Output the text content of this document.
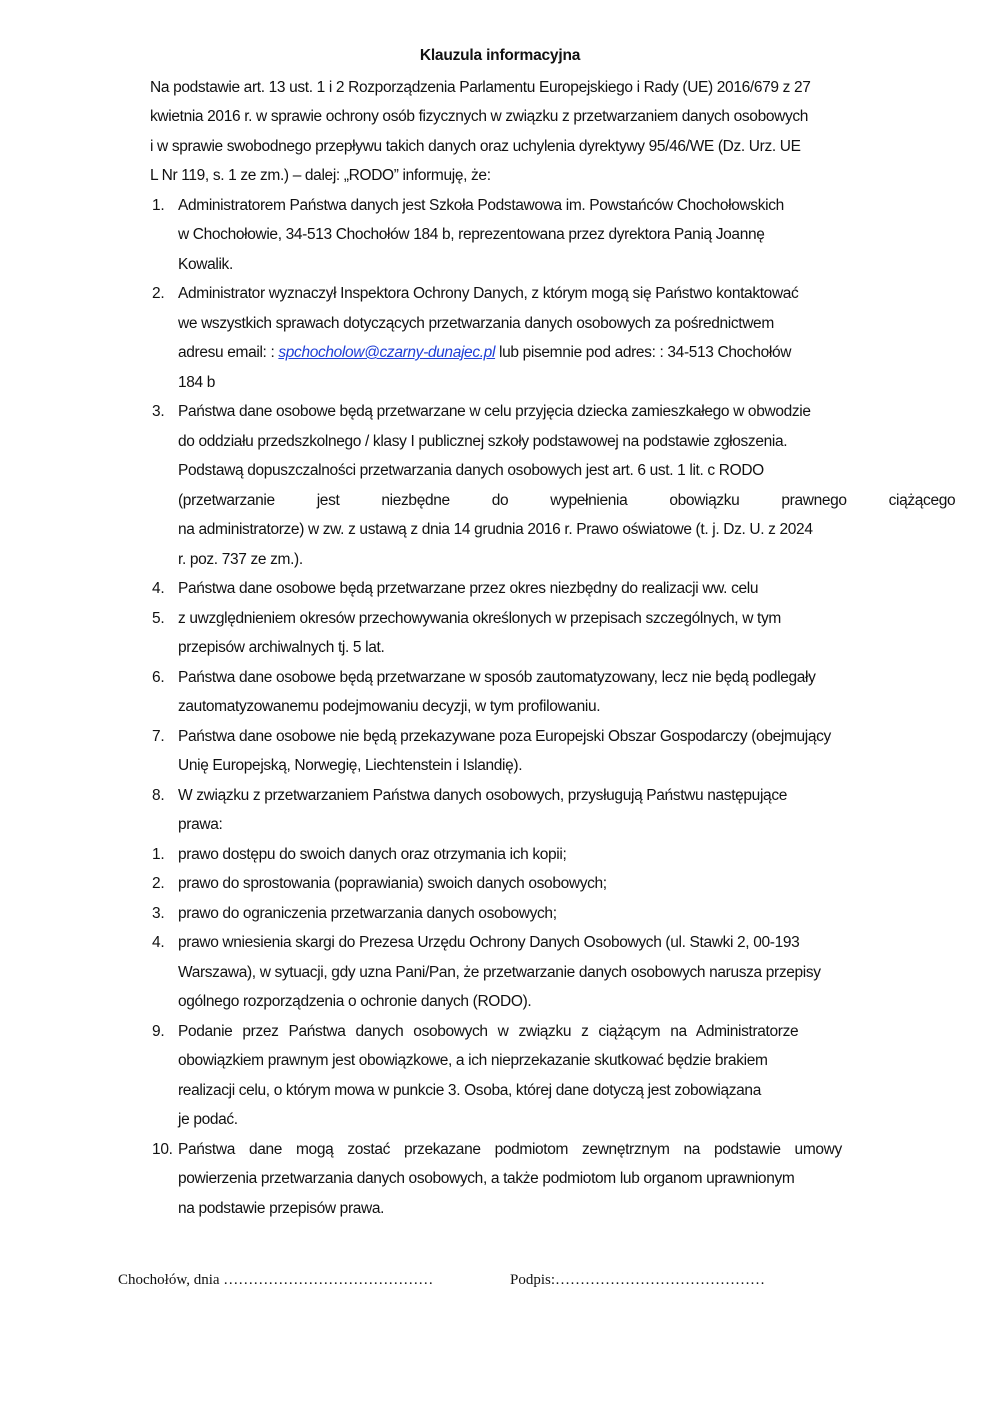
Klauzula informacyjna
Na podstawie art. 13 ust. 1 i 2 Rozporządzenia Parlamentu Europejskiego i Rady (UE) 2016/679 z 27
kwietnia 2016 r. w sprawie ochrony osób fizycznych w związku z przetwarzaniem danych osobowych
i w sprawie swobodnego przepływu takich danych oraz uchylenia dyrektywy 95/46/WE (Dz. Urz. UE
L Nr 119, s. 1 ze zm.) – dalej: „RODO” informuję, że:
1. Administratorem Państwa danych jest Szkoła Podstawowa im. Powstańców Chochołowskich
w Chochołowie, 34-513 Chochołów 184 b, reprezentowana przez dyrektora Panią Joannę
Kowalik.
2. Administrator wyznaczył Inspektora Ochrony Danych, z którym mogą się Państwo kontaktować
we wszystkich sprawach dotyczących przetwarzania danych osobowych za pośrednictwem
adresu email: : spchocholow@czarny-dunajec.pl lub pisemnie pod adres: : 34-513 Chochołów
184 b
3. Państwa dane osobowe będą przetwarzane w celu przyjęcia dziecka zamieszkałego w obwodzie
do oddziału przedszkolnego / klasy I publicznej szkoły podstawowej na podstawie zgłoszenia.
Podstawą dopuszczalności przetwarzania danych osobowych jest art. 6 ust. 1 lit. c RODO
(przetwarzanie jest niezbędne do wypełnienia obowiązku prawnego ciążącego
na administratorze) w zw. z ustawą z dnia 14 grudnia 2016 r. Prawo oświatowe (t. j. Dz. U. z 2024
r. poz. 737 ze zm.).
4. Państwa dane osobowe będą przetwarzane przez okres niezbędny do realizacji ww. celu
5. z uwzględnieniem okresów przechowywania określonych w przepisach szczególnych, w tym
przepisów archiwalnych tj. 5 lat.
6. Państwa dane osobowe będą przetwarzane w sposób zautomatyzowany, lecz nie będą podlegały
zautomatyzowanemu podejmowaniu decyzji, w tym profilowaniu.
7. Państwa dane osobowe nie będą przekazywane poza Europejski Obszar Gospodarczy (obejmujący
Unię Europejską, Norwegię, Liechtenstein i Islandię).
8. W związku z przetwarzaniem Państwa danych osobowych, przysługują Państwu następujące
prawa:
1. prawo dostępu do swoich danych oraz otrzymania ich kopii;
2. prawo do sprostowania (poprawiania) swoich danych osobowych;
3. prawo do ograniczenia przetwarzania danych osobowych;
4. prawo wniesienia skargi do Prezesa Urzędu Ochrony Danych Osobowych (ul. Stawki 2, 00-193
Warszawa), w sytuacji, gdy uzna Pani/Pan, że przetwarzanie danych osobowych narusza przepisy
ogólnego rozporządzenia o ochronie danych (RODO).
9. Podanie przez Państwa danych osobowych w związku z ciążącym na Administratorze
obowiązkiem prawnym jest obowiązkowe, a ich nieprzekazanie skutkować będzie brakiem
realizacji celu, o którym mowa w punkcie 3. Osoba, której dane dotyczą jest zobowiązana
je podać.
10. Państwa dane mogą zostać przekazane podmiotom zewnętrznym na podstawie umowy
powierzenia przetwarzania danych osobowych, a także podmiotom lub organom uprawnionym
na podstawie przepisów prawa.
Chochołów, dnia ……………………………………	Podpis:……………………………………
